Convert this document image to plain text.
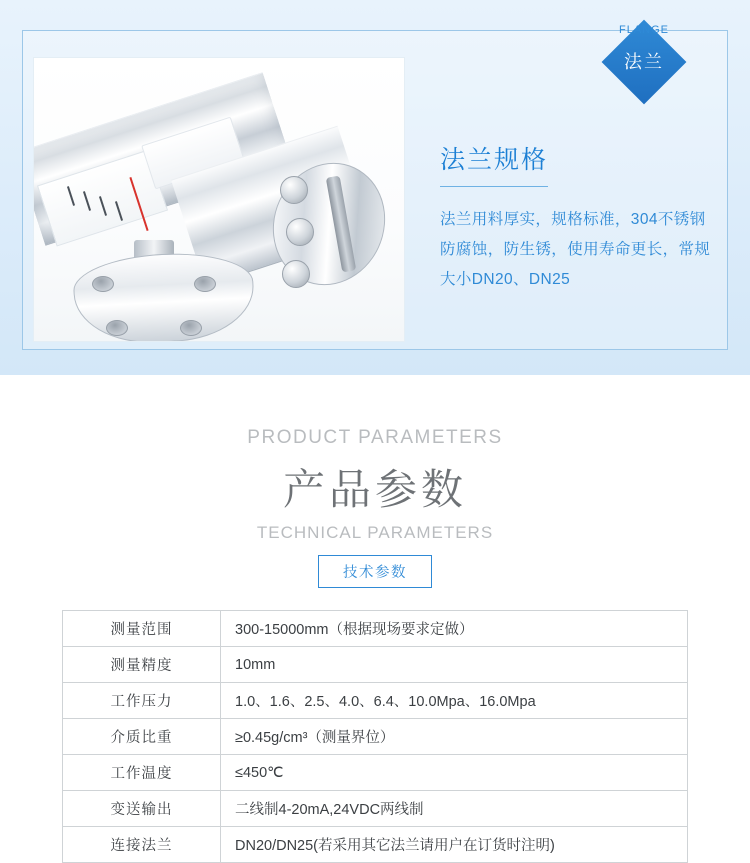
法兰规格
法兰用料厚实，规格标准，304不锈钢防腐蚀，防生锈，使用寿命更长，常规大小DN20、DN25
FLANGE
法兰
PRODUCT PARAMETERS
产品参数
TECHNICAL PARAMETERS
技术参数
测量范围	300-15000mm（根据现场要求定做）
测量精度	10mm
工作压力	1.0、1.6、2.5、4.0、6.4、10.0Mpa、16.0Mpa
介质比重	≥0.45g/cm³（测量界位）
工作温度	≤450℃
变送输出	二线制4-20mA,24VDC两线制
连接法兰	DN20/DN25(若采用其它法兰请用户在订货时注明)
